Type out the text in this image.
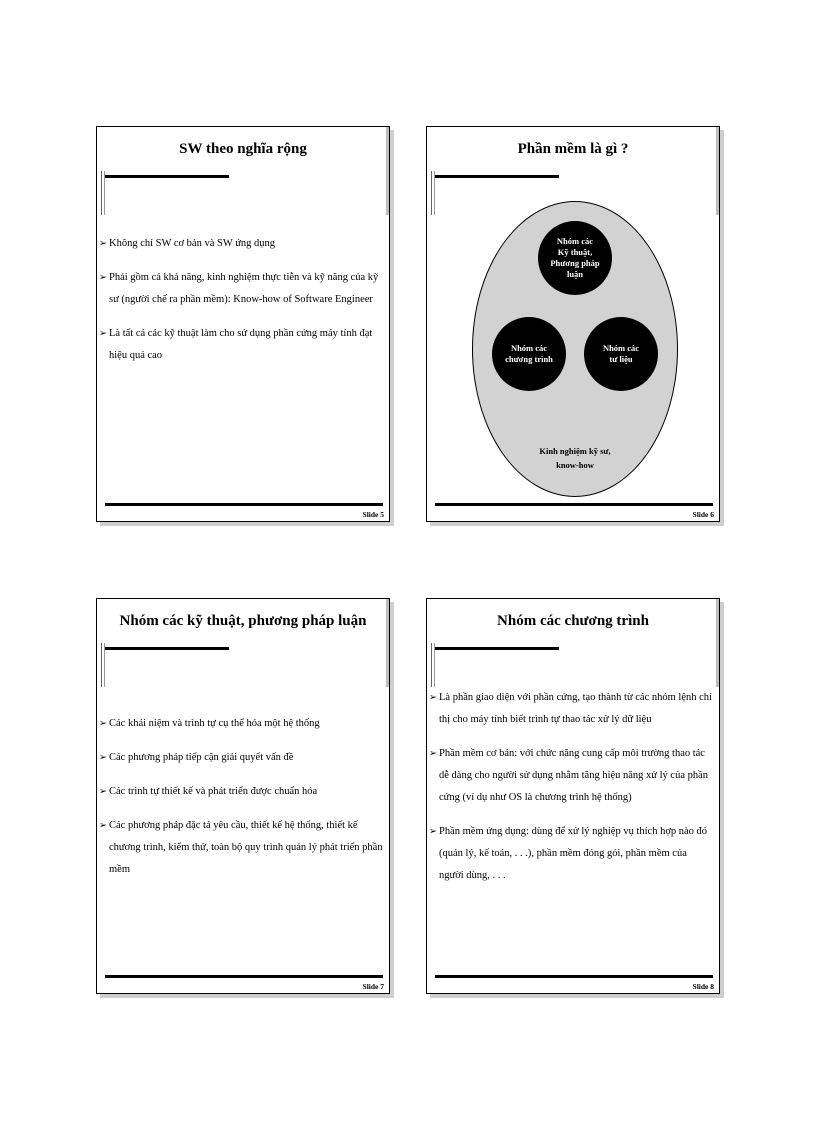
SW theo nghĩa rộng
➢ Không chỉ SW cơ bản và SW ứng dụng
➢ Phải gồm cả khả năng, kinh nghiệm thực tiễn và kỹ năng của kỹ sư (người chế ra phần mềm): Know-how of Software Engineer
➢ Là tất cả các kỹ thuật làm cho sử dụng phần cứng máy tính đạt hiệu quả cao
Slide 5
Phần mềm là gì ?
Nhóm các
Kỹ thuật,
Phương pháp
luận
Nhóm các
chương trình
Nhóm các
tư liệu
Kinh nghiệm kỹ sư,
know-how
Slide 6
Nhóm các kỹ thuật, phương pháp luận
➢ Các khái niệm và trình tự cụ thể hóa một hệ thống
➢ Các phương pháp tiếp cận giải quyết vấn đề
➢ Các trình tự thiết kế và phát triển được chuẩn hóa
➢ Các phương pháp đặc tả yêu cầu, thiết kế hệ thống, thiết kế chương trình, kiểm thử, toàn bộ quy trình quản lý phát triển phần mềm
Slide 7
Nhóm các chương trình
➢ Là phần giao diện với phần cứng, tạo thành từ các nhóm lệnh chỉ thị cho máy tính biết trình tự thao tác xử lý dữ liệu
➢ Phần mềm cơ bản: với chức năng cung cấp môi trường thao tác dễ dàng cho người sử dụng nhằm tăng hiệu năng xử lý của phần cứng (ví dụ như OS là chương trình hệ thống)
➢ Phần mềm ứng dụng: dùng để xử lý nghiệp vụ thích hợp nào đó (quản lý, kế toán, . . .), phần mềm đóng gói, phần mềm của người dùng, . . .
Slide 8
